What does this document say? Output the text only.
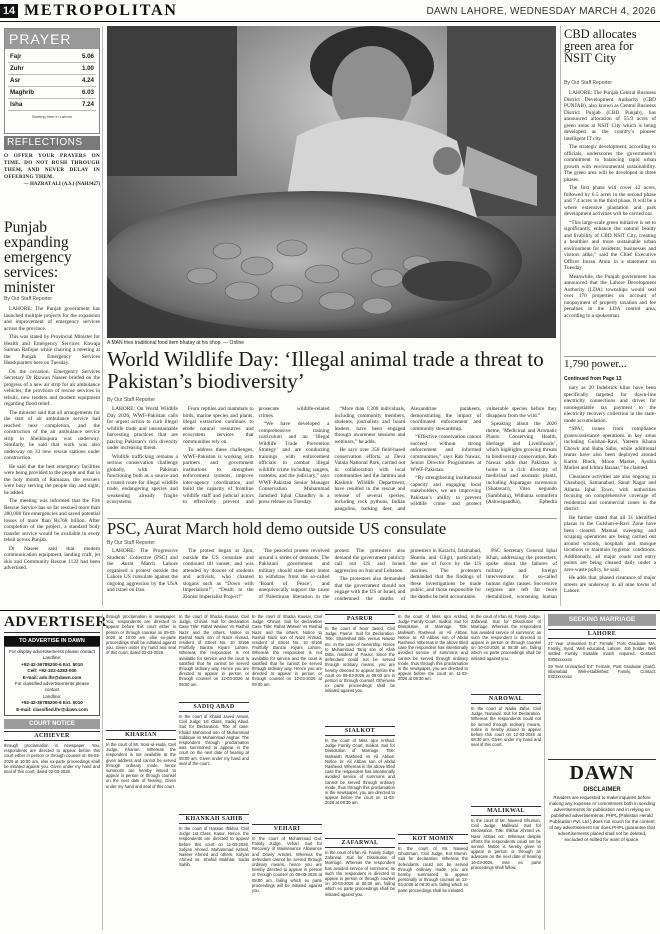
14 METROPOLITAN	DAWN LAHORE, WEDNESDAY MARCH 4, 2026
PRAYER
Fajr	5.06
Zuhr	1.00
Asr	4.24
Maghrib	6.03
Isha	7.24
Starting time in Lahore
REFLECTIONS
O OFFER YOUR PRAYERS ON TIME. DO NOT RUSH THROUGH THEM, AND NEVER DELAY IN OFFERING THEM.
— HAZRAT ALI (A.S.) (NAHJ427)
Punjab expanding emergency services: minister
By Our Staff Reporter

LAHORE: The Punjab government has launched multiple projects for the expansion and improvement of emergency services across the province.

This was stated by Provincial Minister for Health and Emergency Services Khwaja Salman Rafique while chairing a meeting at the Punjab Emergency Services Headquarters here on Tuesday.

On the occasion, Emergency Services Secretary Dr Rizwan Naseer briefed on the progress of a new air strip for air ambulance vehicles, the provision of rescue services in tehsils, new tenders and modern equipment regarding flood relief.

The minister said that all arrangements for the start of air ambulance service had reached near completion, and the construction of the air ambulance service strip in Sheikhupura was underway. Similarly, he said that work was also underway on 33 new rescue stations under construction.

He said that the best emergency facilities were being provided to the people and that in the holy month of Ramazan, the rescuers were busy serving the people day and night, he added.

The meeting was informed that the Fire Rescue Service has so far rescued more than 280,000 fire emergencies and saved potential losses of more than Rs768 billion. After completion of the project, a standard body transfer service would be available in every tehsil across Punjab.

Dr Naseer said that modern communication equipment, landing craft, jet skis and Community Rescue 1122 had been advertised.

A MAN fries traditional food item bhatay at his shop. — Online
World Wildlife Day: ‘Illegal animal trade a threat to Pakistan’s biodiversity’
By Our Staff Reporter

LAHORE: On World Wildlife Day 2026, WWF-Pakistan calls for urgent action to curb illegal wildlife trade and unsustainable harvesting practices that are placing Pakistan’s rich diversity under increasing threat.

Wildlife trafficking remains a serious conservation challenge globally, with Pakistan functioning both as a source and a transit route for illegal wildlife trade, endangering species and weakening already fragile ecosystems.

From reptiles and mammals to birds, marine species and plants, illegal extraction continues to erode natural resources and ecosystem services that communities rely on.

To address these challenges, WWF-Pakistan is working with partners and government institutions to strengthen enforcement systems, improve inter-agency coordination, and build the capacity of frontline wildlife staff and judicial actors to effectively prevent and prosecute wildlife-related crimes.

“We have developed a comprehensive training curriculum and an ‘Illegal Wildlife Trade Prevention Strategy’ and are conducting trainings with enforcement officials to combat illegal wildlife crime including rangers, customs, and the judiciary,” says WWF-Pakistan Senior Manager Conservation Muhammad Jamshed Iqbal Chaudhry in a press release on Tuesday.

“More than 1,200 individuals, including community members, students, journalists and board leaders, have been engaged through awareness sessions and webinars,” he adds.

He says over 350 field-based conservation efforts at Deva Vatala National Park, carried out in collaboration with local communities and the Jammu and Kashmir Wildlife Department, have resulted in the rescue and release of several species, including rock pythons, Indian pangolins, barking deer, and Alexandrine parakeets, demonstrating the impact of coordinated enforcement and community stewardship.

“Effective conservation cannot succeed without strong enforcement and informed communities,” says Rab Nawaz, Senior Director Programmes at WWF-Pakistan.

“By strengthening institutional capacity and engaging local stakeholders, we are improving Pakistan’s ability to prevent wildlife crime and protect vulnerable species before they disappear from the wild.”

Speaking about the 2026 theme, ‘Medicinal and Aromatic Plants: Conserving Health, Heritage and Livelihoods’, which highlights growing threats to biodiversity conservation, Rab Nawaz adds that Pakistan is home to a rich diversity of medicinal and aromatic plants, including Asparagus racemosus (Shatavari), Vitex negundo (Sambhalu), Withania somnifera (Ashwagandha), Ephedra

PSC, Aurat March hold demo outside US consulate
By Our Staff Reporter

LAHORE: The Progressive Students’ Collective (PSC) and the Aurat March Lahore organised a protest outside the Lahore US consulate against the ongoing aggression by the USA and Israel on Iran.

The protest began at 2pm, outside the US consulate and continued till sunset, and was attended by dozens of students and activists, who chanted slogans such as “Down with Imperialism!”, “Death to the Zionist Imperialist Project!”

The peaceful protest revolved around a series of demands. The Pakistani government and military should state their intent to withdraw from the so-called ‘Board of Peace’, and unequivocally support the cause of Palestinian liberation in the protest. The protesters also demand the government publicly call out US and Israeli aggression on Iran and Lebanon.

The protesters also demanded that the government should not engage with the US or Israel, and condemned the deaths of protesters in Karachi, Islamabad, Skardu and Gilgit, particularly the use of force by the US marines. The protesters demanded that the findings of these investigations be made public, and those responsible for the deaths be held accountable.

PSC Secretary General Iqbal Khan, addressing the protesters, spoke about the failures of military and foreign interventions for so-called human rights causes. Successive regimes are left far more destabilized, worsening human

CBD allocates green area for NSIT City
By Our Staff Reporter

LAHORE: The Punjab Central Business District Development Authority (CBD PUNJAB), also known as Central Business District Punjab (CBD Punjab), has announced allocation of 55.9 acres of green areas at NSIT City which is being developed as the country’s pioneer intelligent IT city.

The strategic development, according to officials, underscores the government’s commitment to balancing rapid urban growth with environmental sustainability. The green area will be developed in three phases.

The first phase will cover 42 acres, followed by 6.5 acres in the second phase and 7.4 acres in the third phase. It will be a where extensive plantation and park development activities will be carried out.

“This large-scale green initiative is set to significantly enhance the natural beauty and livability of CBD NSIT City, creating a healthier and more sustainable urban environment for residents, businesses and visitors alike,” said the Chief Executive Officer Imran Amin in a statement on Tuesday.

Meanwhile, the Punjab government has announced that the Lahore Development Authority (LDA) townships would seal over 170 properties on account of nonpayment of property taxation and fee penalties in the LDA control area, according to a spokesman.

1,790 power...
Continued from Page 13

nary as 20 Indebrick kilns have been specifically targeted for down-line electricity connections and drives for nonnegotiable tax payment to the electricity recovery collection in the state-mode accumulation.

“SPA!, issues from compliance grants/assistance operations in key areas including Gulshan-Ravi, Yateem Khana Chowk and Babu Sabu, while additional teams have also been deployed around Karim Block, Moon Market, Ayubia Market and Ichhra Bazaar,” he claimed.

Clearance activities are also ongoing in Chauburji, Samanabad, Sanat Nagar and Allama Iqbal Town, with authorities focusing on comprehensive coverage of residential and commercial zones in the district.

He further stated that all 31 identified plazas in the Gulshan-e-Ravi Zone have been cleared. Manual sweeping and scraping operations are being carried out around schools, hospitals and mosque locations to maintain hygienic conditions. Additionally, all major roads and entry points are being cleaned daily under a zero-waste policy, he said.

He adds that, phased clearance of major streets are underway in all nine towns of Lahore.

ADVERTISER
TO ADVERTISE IN DAWN
For display advertisements please contact
Landline:
+92-42-36785200-6 Ext. 5010
Cell: +92-322-4283-000
E-mail: ads.lhr@dawn.com
For classified advertisements please contact
Landline:
+92-42-36785200-6 Ext. 5010
E-mail: classified.lhr@dawn.com
COURT NOTICE
ACHIEVER
through proclamation in newspaper. You, respondents are directed to appear before this court either in person or through counsel on 09-03-2026 at 10:00 am, else ex-parte proceedings shall be initiated against you. Given under my hand and seal of this court, dated 02-03-2026.
through proclamation in newspaper. You, respondents are directed to appear before this court either in person or through counsel on 09-03-2026 at 10:00 am, else ex-parte proceedings shall be initiated against you. Given under my hand and seal of this court, dated 02-03-2026.
KHARIAN
In the court of Mr. Noor-ul-Huda, Civil Judge, Kharian. Whereas the respondent is not available at the given address and cannot be served through ordinary mode, hence summons are hereby issued to appear in person or through counsel on the next date of hearing. Given under my hand and seal of this court.
In the court of Shazia Kausar, Civil Judge, Chiniot. Suit for declaration Case Title: Rahat Waseer Vs Rashid Nazir and the others. Notice to Rashid Nazir son of Nazir Ahmad, resident of Street No. 10 8/166 Fruitfully Banzai Kiyani Lahore. Whereas the respondent is not available for service and the court is satisfied that he cannot be served through ordinary way. Hence you are directed to appear in person or through counsel on 12-03-2026 at 09:00 am.
SADIQ ABAD
In the court of Khalid Javed Anwar, Civil Judge 1st Class, Sadiq Abad. Suit for Declaration. Title of case: Khalid Mahmood son of Muhammad Siddique vs Muhammad Asghar. The respondent through proclamation was summoned to appear in the court on the next date of hearing at 08:00 am. Given under my hand and seal of the court.
KHANKAH SAHIB
In the court of Hassan Iftikhar, Civil Judge 1st Class, Kasur. Hence, the respondents are directed to appear before this court on 11-03-2026. Sufyan Ahmed, Muhammad Ashraf, Naseer Ahmed and others. Sufyan Ahmed vs. Shahid Mukhtar, Sadia Sahib.
In the court of Shazia Kausar, Civil Judge, Chiniot. Suit for declaration Case Title: Rahat Waseer Vs Rashid Nazir and the others. Notice to Rashid Nazir son of Nazir Ahmad, resident of Street No. 10 8/166 Fruitfully Banzai Kiyani Lahore. Whereas the respondent is not available for service and the court is satisfied that he cannot be served through ordinary way. Hence you are directed to appear in person or through counsel on 12-03-2026 at 09:00 am.
VEHARI
In the court of Muhammad Gul, Family Judge, Vehari. Suit for Recovery of Maintenance Allowance and Dowry Articles. Whereas the defendant cannot be served through ordinary means, hence you are hereby directed to appear in person or through counsel on 09-03-2026 at 08:00 am, failing which ex parte proceedings will be initiated against you.
PASRUR
In the court of Noor Javed, Civil Judge, Pasrur. Suit for Declaration. Title: Shamshad Bibi versus Nawaz etc. In the case of ownership. Notice to Muhammad Tariq son of Allah Ditta, resident of Pasrur. Since the defendant could not be served through ordinary means, you are hereby directed to appear before the court on 09-03-2026 at 08:00 am in person or through counsel. Otherwise ex parte proceedings shall be initiated against you.
SIALKOT
In the court of Miss Iqra Arshad, Judge Family Court, Sialkot. Suit for Dissolution of Marriage. Title: Mahwish Rasheed vs Ali Abbas. Notice to: Ali Abbas son of Abdul Rasheed. Whereas in the above titled case the respondent has intentionally avoided service of summons and cannot be served through ordinary mode, thus through this proclamation in the newspaper, you are directed to appear before the court on 11-03-2026 at 08:30 am.
ZAFARWAL
In the court of Irfan Ali, Family Judge, Zafarwal. Suit for Dissolution of Marriage. Whereas the respondent has avoided service of summons; as such the respondent is directed to appear in person or through counsel on 10-03-2026 at 08:30 am, failing which ex parte proceedings shall be initiated against you.
In the court of Miss Iqra Arshad, Judge Family Court, Sialkot. Suit for Dissolution of Marriage. Title: Mahwish Rasheed vs Ali Abbas. Notice to: Ali Abbas son of Abdul Rasheed. Whereas in the above titled case the respondent has intentionally avoided service of summons and cannot be served through ordinary mode, thus through this proclamation in the newspaper, you are directed to appear before the court on 11-03-2026 at 08:30 am.
KOT MOMIN
In the court of Mr. Naveed Ghumman, Civil Judge, Kot Momin. Suit for declaration. Whereas the defendants could not be served through ordinary mode, you are hereby summoned to appear personally or through counsel on 13-03-2026 at 08:30 am, failing which ex parte proceedings shall be initiated.
In the court of Irfan Ali, Family Judge, Zafarwal. Suit for Dissolution of Marriage. Whereas the respondent has avoided service of summons; as such the respondent is directed to appear in person or through counsel on 10-03-2026 at 08:30 am, failing which ex parte proceedings shall be initiated against you.
NAROWAL
In the court of Nadia Zafar, Civil Judge, Narowal. Suit for Declaration. Whereas the respondents could not be served through ordinary means, notice is hereby issued to appear before this court on 12-03-2026 at 08:30 am. Given under my hand and seal of this court.
MALIKWAL
In the court of Mr. Naveed Ghuman, Civil Judge, Malikwal. Suit for Declaration. Title: Iftikhar Ahmed vs. Nasir Abbas etc. Whereas despite efforts the respondents could not be served. Notice is hereby given to appear in person or through an advocate on the next date of hearing 16-03-2026, else ex parte proceedings shall follow.
SEEKING MARRIAGE
LAHORE

27 Year Unmarried D.4" Female. Post Graduate MA. Family, Syed, Well educated, Lahore, Job holder. Well settled Family. Suitable match required. Contact: 0300xxxxxxx

29 Year Unmarried 5'4" Female, Post Graduate (Gold). Islamabad. Well-established Family. Contact: 0321xxxxxxx

DAWN
DISCLAIMER
Readers are requested to make inquiries before making any expense or commitment both in sending advertisements for publication and in relying on published advertisements. PHPL (Pakistan Herald Publication Pvt. Ltd.) does not vouch for the content of any advertisement nor does PHPL guarantee that advertisements placed shall not be deleted, excluded or edited for want of space.
